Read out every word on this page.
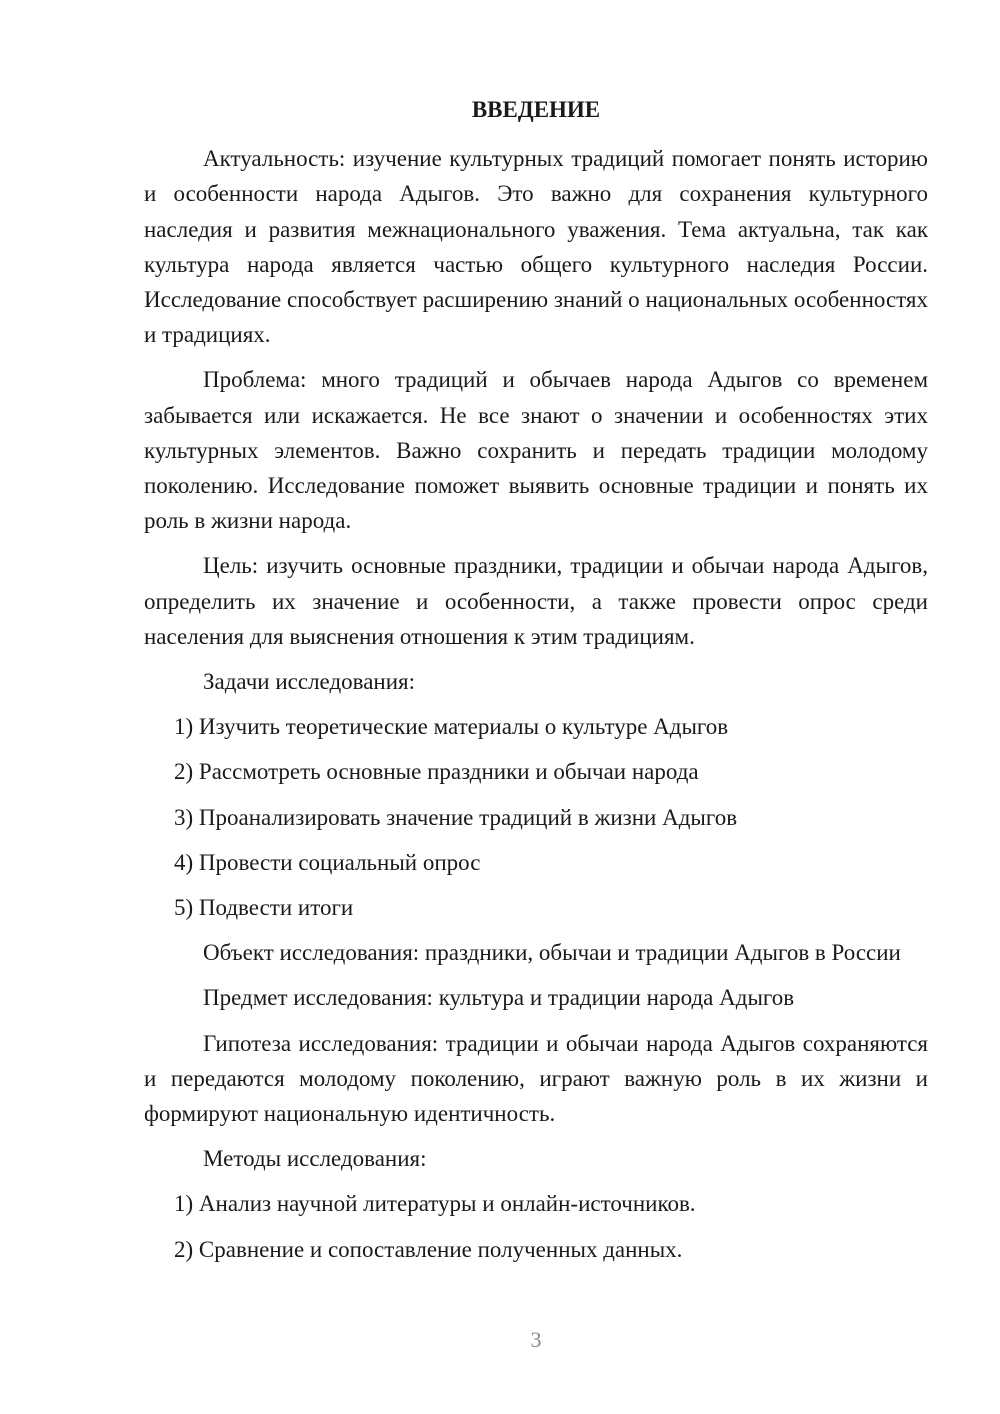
ВВЕДЕНИЕ

Актуальность: изучение культурных традиций помогает понять историю и особенности народа Адыгов. Это важно для сохранения культурного наследия и развития межнационального уважения. Тема актуальна, так как культура народа является частью общего культурного наследия России. Исследование способствует расширению знаний о национальных особенностях и традициях.

Проблема: много традиций и обычаев народа Адыгов со временем забывается или искажается. Не все знают о значении и особенностях этих культурных элементов. Важно сохранить и передать традиции молодому поколению. Исследование поможет выявить основные традиции и понять их роль в жизни народа.

Цель: изучить основные праздники, традиции и обычаи народа Адыгов, определить их значение и особенности, а также провести опрос среди населения для выяснения отношения к этим традициям.

Задачи исследования:

1) Изучить теоретические материалы о культуре Адыгов
2) Рассмотреть основные праздники и обычаи народа
3) Проанализировать значение традиций в жизни Адыгов
4) Провести социальный опрос
5) Подвести итоги

Объект исследования: праздники, обычаи и традиции Адыгов в России

Предмет исследования: культура и традиции народа Адыгов

Гипотеза исследования: традиции и обычаи народа Адыгов сохраняются и передаются молодому поколению, играют важную роль в их жизни и формируют национальную идентичность.

Методы исследования:

1) Анализ научной литературы и онлайн-источников.
2) Сравнение и сопоставление полученных данных.
3
